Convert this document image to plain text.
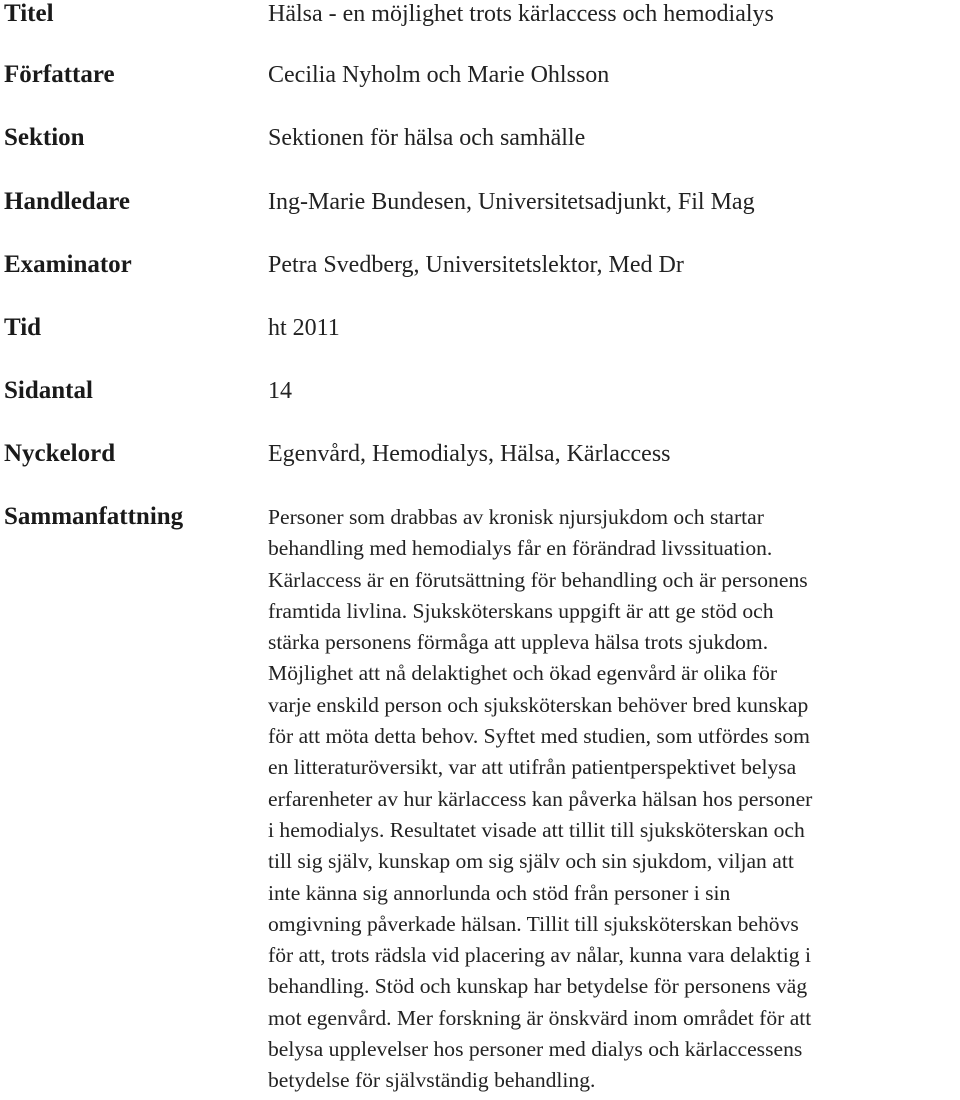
Titel	Hälsa - en möjlighet trots kärlaccess och hemodialys
Författare	Cecilia Nyholm och Marie Ohlsson
Sektion	Sektionen för hälsa och samhälle
Handledare	Ing-Marie Bundesen, Universitetsadjunkt, Fil Mag
Examinator	Petra Svedberg, Universitetslektor, Med Dr
Tid	ht 2011
Sidantal	14
Nyckelord	Egenvård, Hemodialys, Hälsa, Kärlaccess
Sammanfattning	Personer som drabbas av kronisk njursjukdom och startar
behandling med hemodialys får en förändrad livssituation.
Kärlaccess är en förutsättning för behandling och är personens
framtida livlina. Sjuksköterskans uppgift är att ge stöd och
stärka personens förmåga att uppleva hälsa trots sjukdom.
Möjlighet att nå delaktighet och ökad egenvård är olika för
varje enskild person och sjuksköterskan behöver bred kunskap
för att möta detta behov. Syftet med studien, som utfördes som
en litteraturöversikt, var att utifrån patientperspektivet belysa
erfarenheter av hur kärlaccess kan påverka hälsan hos personer
i hemodialys. Resultatet visade att tillit till sjuksköterskan och
till sig själv, kunskap om sig själv och sin sjukdom, viljan att
inte känna sig annorlunda och stöd från personer i sin
omgivning påverkade hälsan. Tillit till sjuksköterskan behövs
för att, trots rädsla vid placering av nålar, kunna vara delaktig i
behandling. Stöd och kunskap har betydelse för personens väg
mot egenvård. Mer forskning är önskvärd inom området för att
belysa upplevelser hos personer med dialys och kärlaccessens
betydelse för självständig behandling.
